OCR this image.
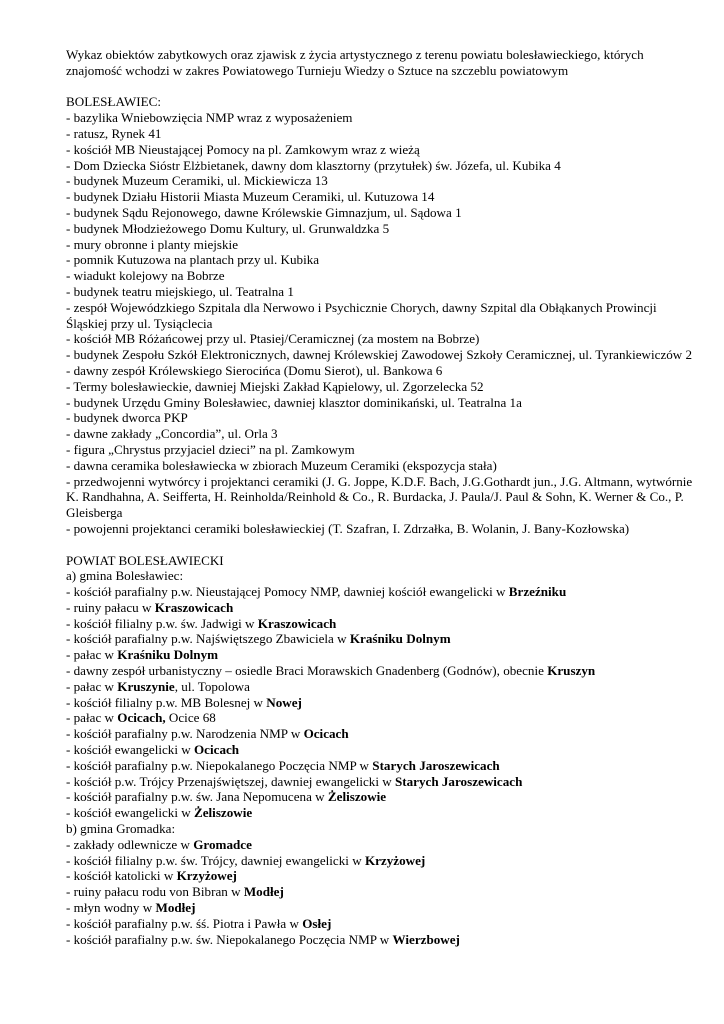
Wykaz obiektów zabytkowych oraz zjawisk z życia artystycznego z terenu powiatu bolesławieckiego, których znajomość wchodzi w zakres Powiatowego Turnieju Wiedzy o Sztuce na szczeblu powiatowym
BOLESŁAWIEC:
- bazylika Wniebowzięcia NMP wraz z wyposażeniem
- ratusz, Rynek 41
- kościół MB Nieustającej Pomocy na pl. Zamkowym wraz z wieżą
- Dom Dziecka Sióstr Elżbietanek, dawny dom klasztorny (przytułek) św. Józefa, ul. Kubika 4
- budynek Muzeum Ceramiki, ul. Mickiewicza 13
- budynek Działu Historii Miasta Muzeum Ceramiki, ul. Kutuzowa 14
- budynek Sądu Rejonowego, dawne Królewskie Gimnazjum, ul. Sądowa 1
- budynek Młodzieżowego Domu Kultury, ul. Grunwaldzka 5
- mury obronne i planty miejskie
- pomnik Kutuzowa na plantach przy ul. Kubika
- wiadukt kolejowy na Bobrze
- budynek teatru miejskiego, ul. Teatralna 1
- zespół Wojewódzkiego Szpitala dla Nerwowo i Psychicznie Chorych, dawny Szpital dla Obłąkanych Prowincji Śląskiej przy ul. Tysiąclecia
- kościół MB Różańcowej przy ul. Ptasiej/Ceramicznej (za mostem na Bobrze)
- budynek Zespołu Szkół Elektronicznych, dawnej Królewskiej Zawodowej Szkoły Ceramicznej, ul. Tyrankiewiczów 2
- dawny zespół Królewskiego Sierocińca (Domu Sierot), ul. Bankowa 6
- Termy bolesławieckie, dawniej Miejski Zakład Kąpielowy, ul. Zgorzelecka 52
- budynek Urzędu Gminy Bolesławiec, dawniej klasztor dominikański, ul. Teatralna 1a
- budynek dworca PKP
- dawne zakłady „Concordia”, ul. Orla 3
- figura „Chrystus przyjaciel dzieci” na pl. Zamkowym
- dawna ceramika bolesławiecka w zbiorach Muzeum Ceramiki (ekspozycja stała)
- przedwojenni wytwórcy i projektanci ceramiki (J. G. Joppe, K.D.F. Bach, J.G.Gothardt jun., J.G. Altmann, wytwórnie K. Randhahna, A. Seifferta, H. Reinholda/Reinhold & Co., R. Burdacka, J. Paula/J. Paul & Sohn, K. Werner & Co., P. Gleisberga
- powojenni projektanci ceramiki bolesławieckiej (T. Szafran, I. Zdrzałka, B. Wolanin, J. Bany-Kozłowska)
POWIAT BOLESŁAWIECKI
a) gmina Bolesławiec:
- kościół parafialny p.w. Nieustającej Pomocy NMP, dawniej kościół ewangelicki w Brzeźniku
- ruiny pałacu w Kraszowicach
- kościół filialny p.w. św. Jadwigi w Kraszowicach
- kościół parafialny p.w. Najświętszego Zbawiciela w Kraśniku Dolnym
- pałac w Kraśniku Dolnym
- dawny zespół urbanistyczny – osiedle Braci Morawskich Gnadenberg (Godnów), obecnie Kruszyn
- pałac w Kruszynie, ul. Topolowa
- kościół filialny p.w. MB Bolesnej w Nowej
- pałac w Ocicach, Ocice 68
- kościół parafialny p.w. Narodzenia NMP w Ocicach
- kościół ewangelicki w Ocicach
- kościół parafialny p.w. Niepokalanego Poczęcia NMP w Starych Jaroszewicach
- kościół p.w. Trójcy Przenajświętszej, dawniej ewangelicki w Starych Jaroszewicach
- kościół parafialny p.w. św. Jana Nepomucena w Żeliszowie
- kościół ewangelicki w Żeliszowie
b) gmina Gromadka:
- zakłady odlewnicze w Gromadce
- kościół filialny p.w. św. Trójcy, dawniej ewangelicki w Krzyżowej
- kościół katolicki w Krzyżowej
- ruiny pałacu rodu von Bibran w Modłej
- młyn wodny w Modłej
- kościół parafialny p.w. śś. Piotra i Pawła w Osłej
- kościół parafialny p.w. św. Niepokalanego Poczęcia NMP w Wierzbowej
